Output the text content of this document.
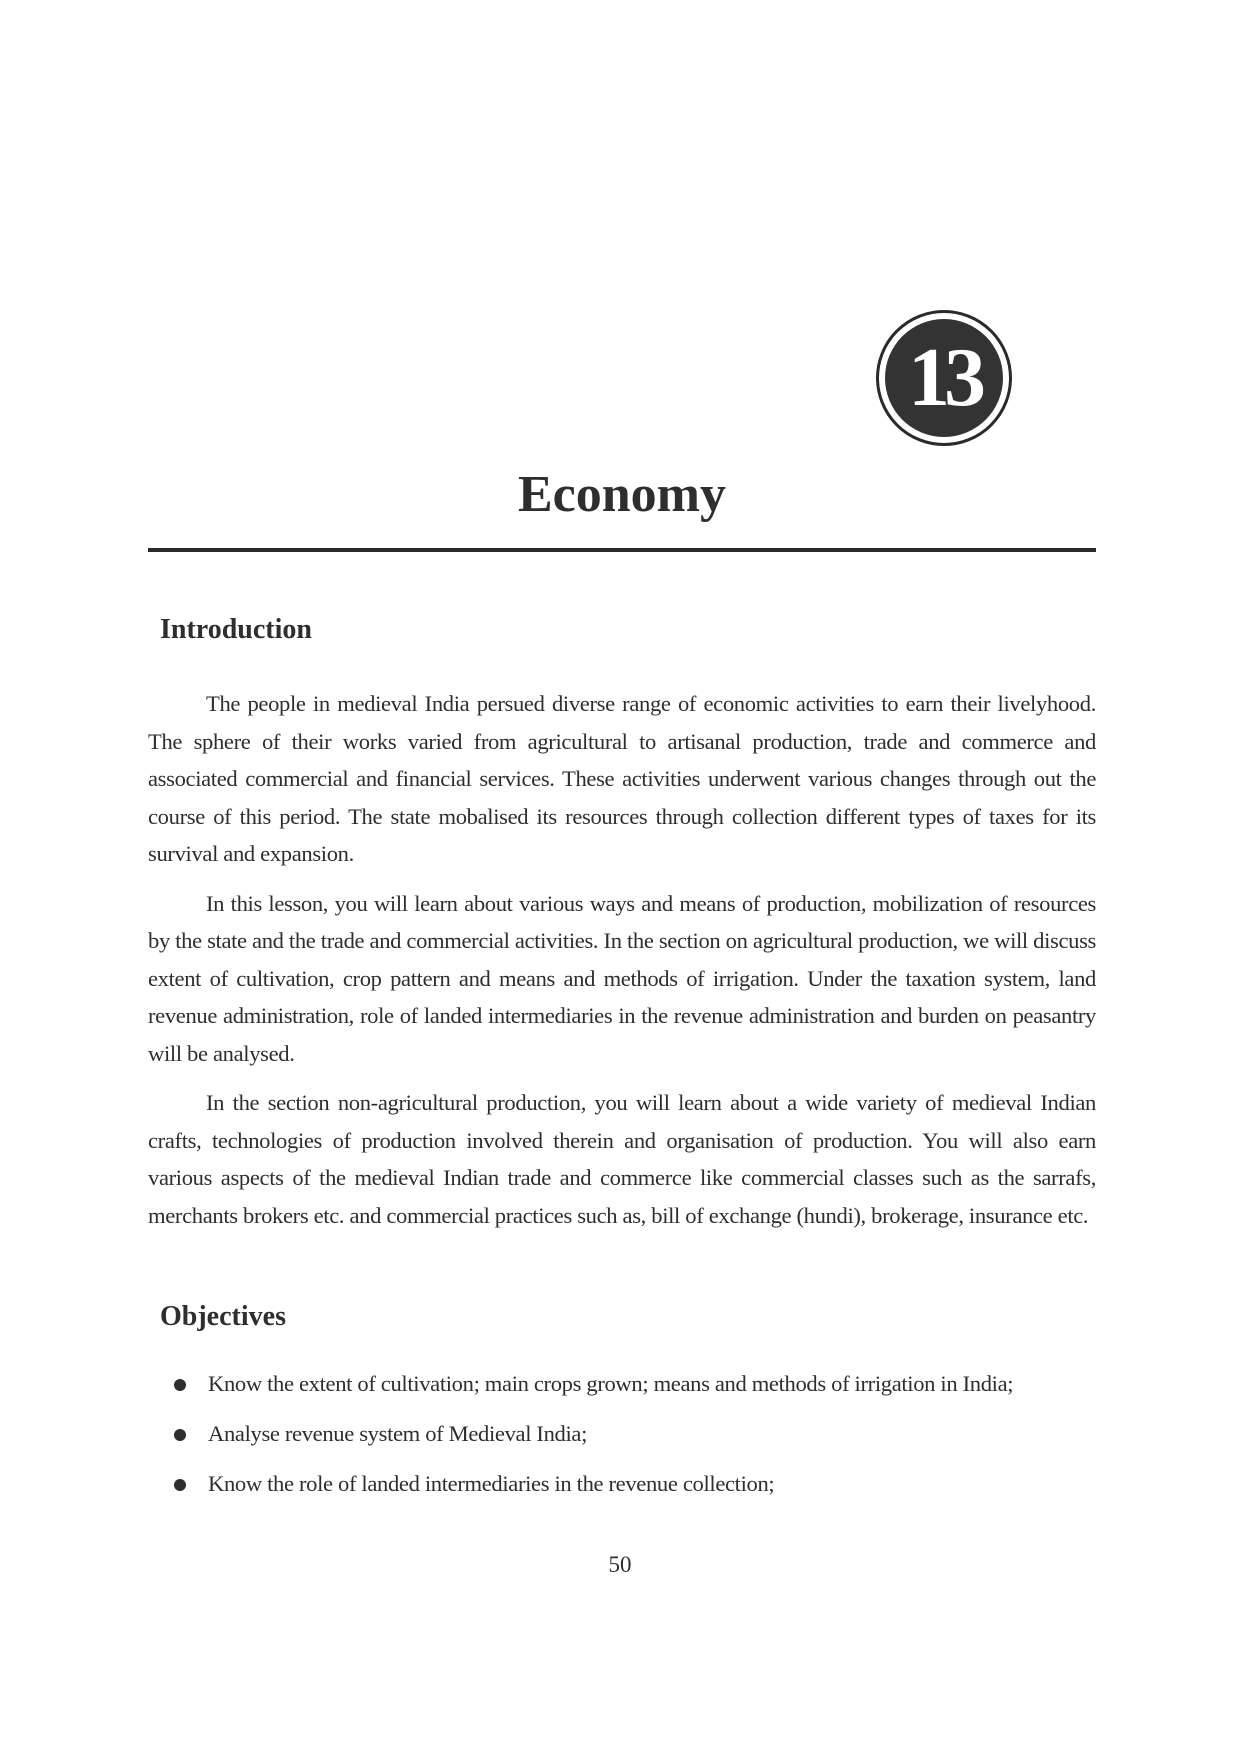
13
Economy
Introduction

The people in medieval India persued diverse range of economic activities to earn their livelyhood. The sphere of their works varied from agricultural to artisanal production, trade and commerce and associated commercial and financial services. These activities underwent various changes through out the course of this period. The state mobalised its resources through collection different types of taxes for its survival and expansion.

In this lesson, you will learn about various ways and means of production, mobilization of resources by the state and the trade and commercial activities. In the section on agricultural production, we will discuss extent of cultivation, crop pattern and means and methods of irrigation. Under the taxation system, land revenue administration, role of landed intermediaries in the revenue administration and burden on peasantry will be analysed.

In the section non-agricultural production, you will learn about a wide variety of medieval Indian crafts, technologies of production involved therein and organisation of production. You will also earn various aspects of the medieval Indian trade and commerce like commercial classes such as the sarrafs, merchants brokers etc. and commercial practices such as, bill of exchange (hundi), brokerage, insurance etc.

Objectives
Know the extent of cultivation; main crops grown; means and methods of irrigation in India;
Analyse revenue system of Medieval India;
Know the role of landed intermediaries in the revenue collection;
50
